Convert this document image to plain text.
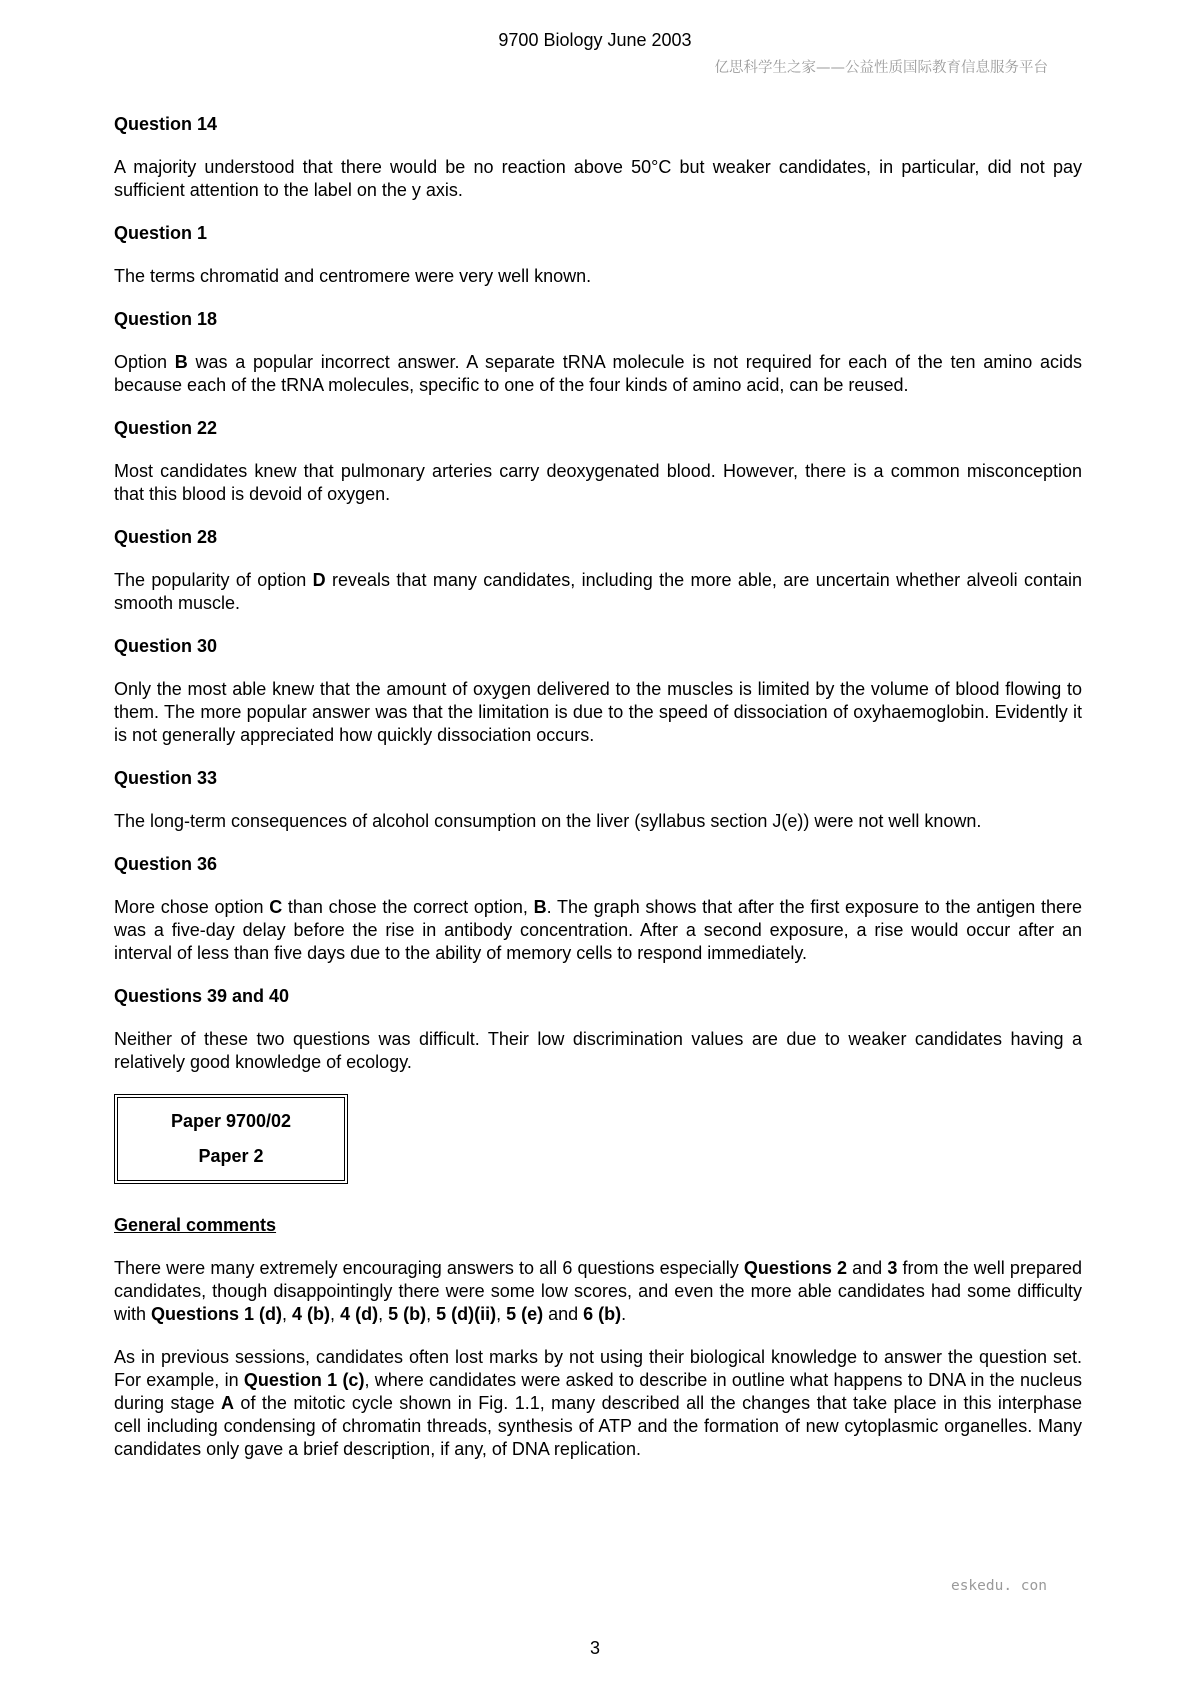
9700 Biology June 2003
亿思科学生之家——公益性质国际教育信息服务平台
Question 14
A majority understood that there would be no reaction above 50°C but weaker candidates, in particular, did not pay sufficient attention to the label on the y axis.
Question 1
The terms chromatid and centromere were very well known.
Question 18
Option B was a popular incorrect answer. A separate tRNA molecule is not required for each of the ten amino acids because each of the tRNA molecules, specific to one of the four kinds of amino acid, can be reused.
Question 22
Most candidates knew that pulmonary arteries carry deoxygenated blood. However, there is a common misconception that this blood is devoid of oxygen.
Question 28
The popularity of option D reveals that many candidates, including the more able, are uncertain whether alveoli contain smooth muscle.
Question 30
Only the most able knew that the amount of oxygen delivered to the muscles is limited by the volume of blood flowing to them. The more popular answer was that the limitation is due to the speed of dissociation of oxyhaemoglobin. Evidently it is not generally appreciated how quickly dissociation occurs.
Question 33
The long-term consequences of alcohol consumption on the liver (syllabus section J(e)) were not well known.
Question 36
More chose option C than chose the correct option, B. The graph shows that after the first exposure to the antigen there was a five-day delay before the rise in antibody concentration. After a second exposure, a rise would occur after an interval of less than five days due to the ability of memory cells to respond immediately.
Questions 39 and 40
Neither of these two questions was difficult. Their low discrimination values are due to weaker candidates having a relatively good knowledge of ecology.
Paper 9700/02
Paper 2
General comments
There were many extremely encouraging answers to all 6 questions especially Questions 2 and 3 from the well prepared candidates, though disappointingly there were some low scores, and even the more able candidates had some difficulty with Questions 1 (d), 4 (b), 4 (d), 5 (b), 5 (d)(ii), 5 (e) and 6 (b).
As in previous sessions, candidates often lost marks by not using their biological knowledge to answer the question set. For example, in Question 1 (c), where candidates were asked to describe in outline what happens to DNA in the nucleus during stage A of the mitotic cycle shown in Fig. 1.1, many described all the changes that take place in this interphase cell including condensing of chromatin threads, synthesis of ATP and the formation of new cytoplasmic organelles. Many candidates only gave a brief description, if any, of DNA replication.
eskedu. con
3
